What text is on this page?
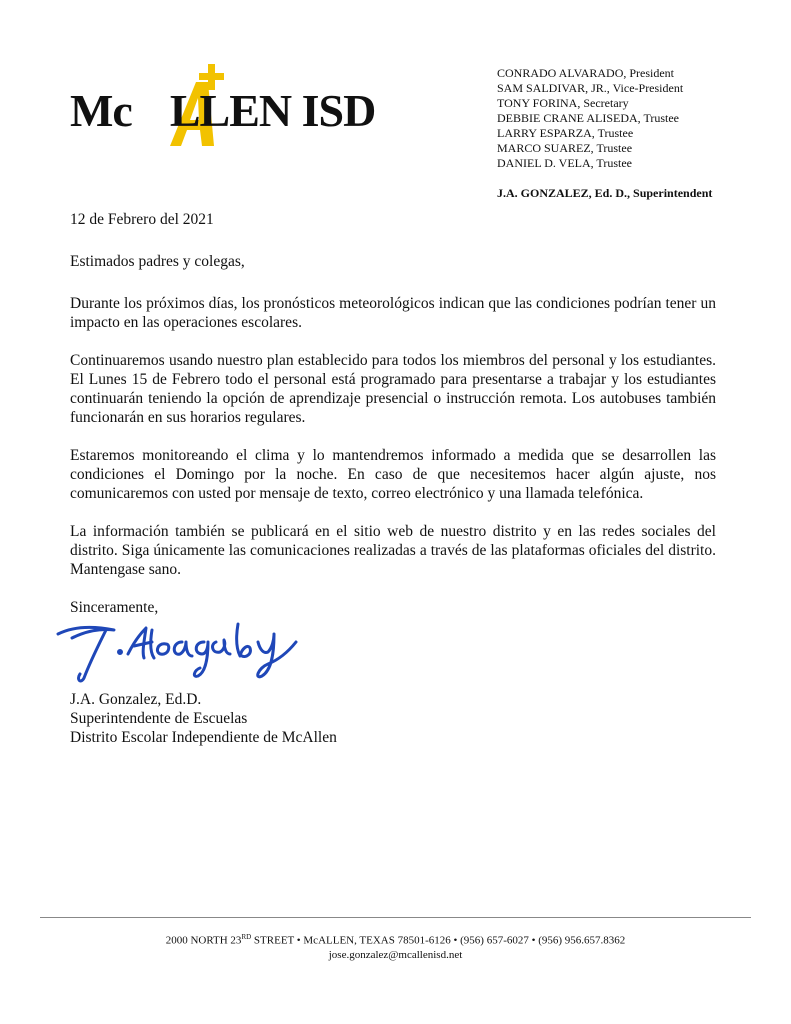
Mc LLEN ISD
CONRADO ALVARADO, President
SAM SALDIVAR, JR., Vice-President
TONY FORINA, Secretary
DEBBIE CRANE ALISEDA, Trustee
LARRY ESPARZA, Trustee
MARCO SUAREZ, Trustee
DANIEL D. VELA, Trustee
J.A. GONZALEZ, Ed. D., Superintendent

12 de Febrero del 2021

Estimados padres y colegas,

Durante los próximos días, los pronósticos meteorológicos indican que las condiciones podrían tener un impacto en las operaciones escolares.

Continuaremos usando nuestro plan establecido para todos los miembros del personal y los estudiantes. El Lunes 15 de Febrero todo el personal está programado para presentarse a trabajar y los estudiantes continuarán teniendo la opción de aprendizaje presencial o instrucción remota. Los autobuses también funcionarán en sus horarios regulares.

Estaremos monitoreando el clima y lo mantendremos informado a medida que se desarrollen las condiciones el Domingo por la noche. En caso de que necesitemos hacer algún ajuste, nos comunicaremos con usted por mensaje de texto, correo electrónico y una llamada telefónica.

La información también se publicará en el sitio web de nuestro distrito y en las redes sociales del distrito. Siga únicamente las comunicaciones realizadas a través de las plataformas oficiales del distrito. Mantengase sano.

Sinceramente,

J.A. Gonzalez, Ed.D.
Superintendente de Escuelas
Distrito Escolar Independiente de McAllen
2000 NORTH 23RD STREET • McALLEN, TEXAS 78501-6126 • (956) 657-6027 • (956) 956.657.8362
jose.gonzalez@mcallenisd.net
